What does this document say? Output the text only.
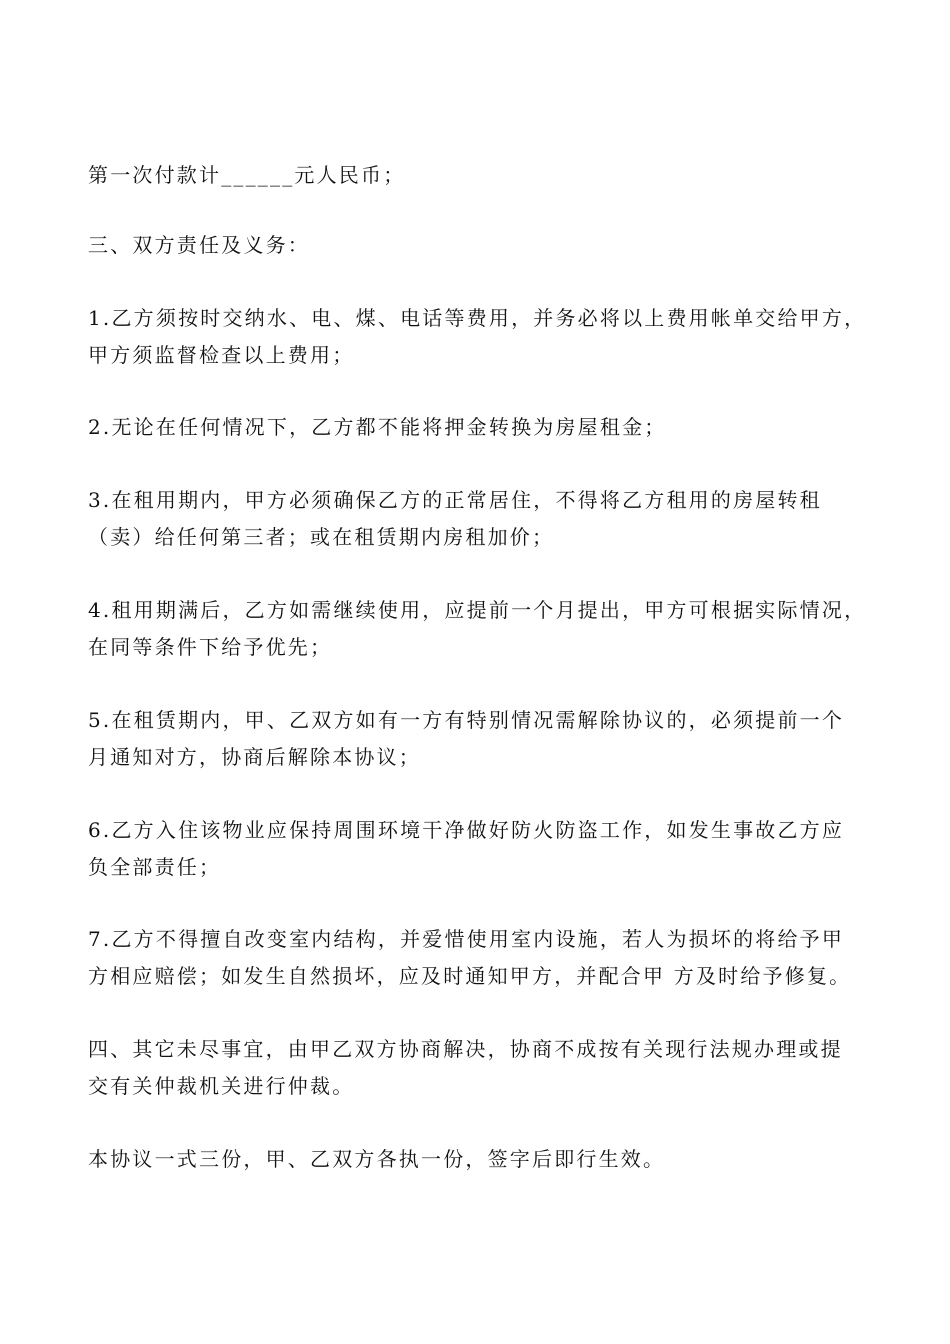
第一次付款计______元人民币；

三、双方责任及义务：

1.乙方须按时交纳水、电、煤、电话等费用，并务必将以上费用帐单交给甲方，
甲方须监督检查以上费用；

2.无论在任何情况下，乙方都不能将押金转换为房屋租金；

3.在租用期内，甲方必须确保乙方的正常居住，不得将乙方租用的房屋转租
（卖）给任何第三者；或在租赁期内房租加价；

4.租用期满后，乙方如需继续使用，应提前一个月提出，甲方可根据实际情况，
在同等条件下给予优先；

5.在租赁期内，甲、乙双方如有一方有特别情况需解除协议的，必须提前一个
月通知对方，协商后解除本协议；

6.乙方入住该物业应保持周围环境干净做好防火防盗工作，如发生事故乙方应
负全部责任；

7.乙方不得擅自改变室内结构，并爱惜使用室内设施，若人为损坏的将给予甲
方相应赔偿；如发生自然损坏，应及时通知甲方，并配合甲 方及时给予修复。

四、其它未尽事宜，由甲乙双方协商解决，协商不成按有关现行法规办理或提
交有关仲裁机关进行仲裁。

本协议一式三份，甲、乙双方各执一份，签字后即行生效。
